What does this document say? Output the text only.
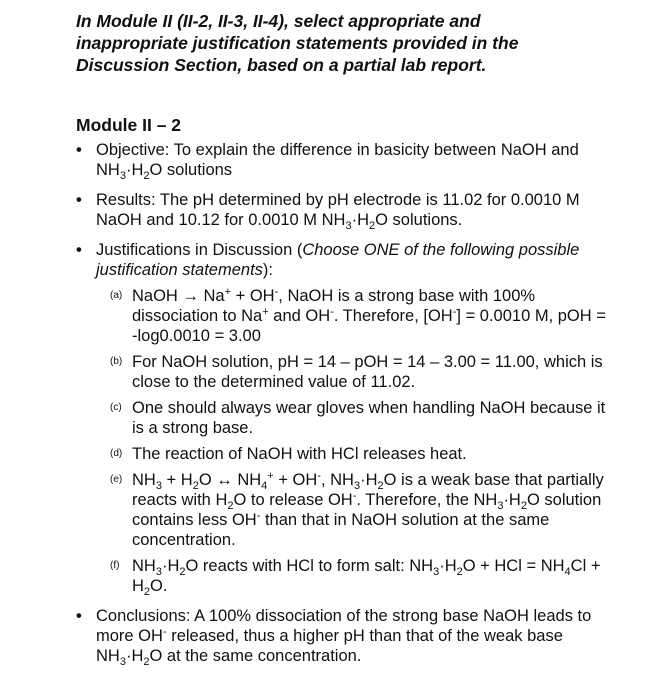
In Module II (II-2, II-3, II-4), select appropriate and
inappropriate justification statements provided in the
Discussion Section, based on a partial lab report.
Module II – 2
• Objective: To explain the difference in basicity between NaOH and $NH_3\cdot H_2O$ solutions
• Results: The pH determined by pH electrode is 11.02 for 0.0010 M NaOH and 10.12 for 0.0010 M $NH_3\cdot H_2O$ solutions.
• Justifications in Discussion (Choose ONE of the following possible justification statements):
(a) NaOH → Na+ + OH-, NaOH is a strong base with 100% dissociation to Na+ and OH-. Therefore, [OH-] = 0.0010 M, pOH = -log0.0010 = 3.00
(b) For NaOH solution, pH = 14 – pOH = 14 – 3.00 = 11.00, which is close to the determined value of 11.02.
(c) One should always wear gloves when handling NaOH because it is a strong base.
(d) The reaction of NaOH with HCl releases heat.
(e) $NH_3 + H_2O$ ↔ $NH_4^+ + OH^-$, $NH_3\cdot H_2O$ is a weak base that partially reacts with $H_2O$ to release OH-. Therefore, the $NH_3\cdot H_2O$ solution contains less OH- than that in NaOH solution at the same concentration.
(f) $NH_3\cdot H_2O$ reacts with HCl to form salt: $NH_3\cdot H_2O$ + HCl = $NH_4Cl + H_2O$.
• Conclusions: A 100% dissociation of the strong base NaOH leads to more OH- released, thus a higher pH than that of the weak base $NH_3\cdot H_2O$ at the same concentration.
